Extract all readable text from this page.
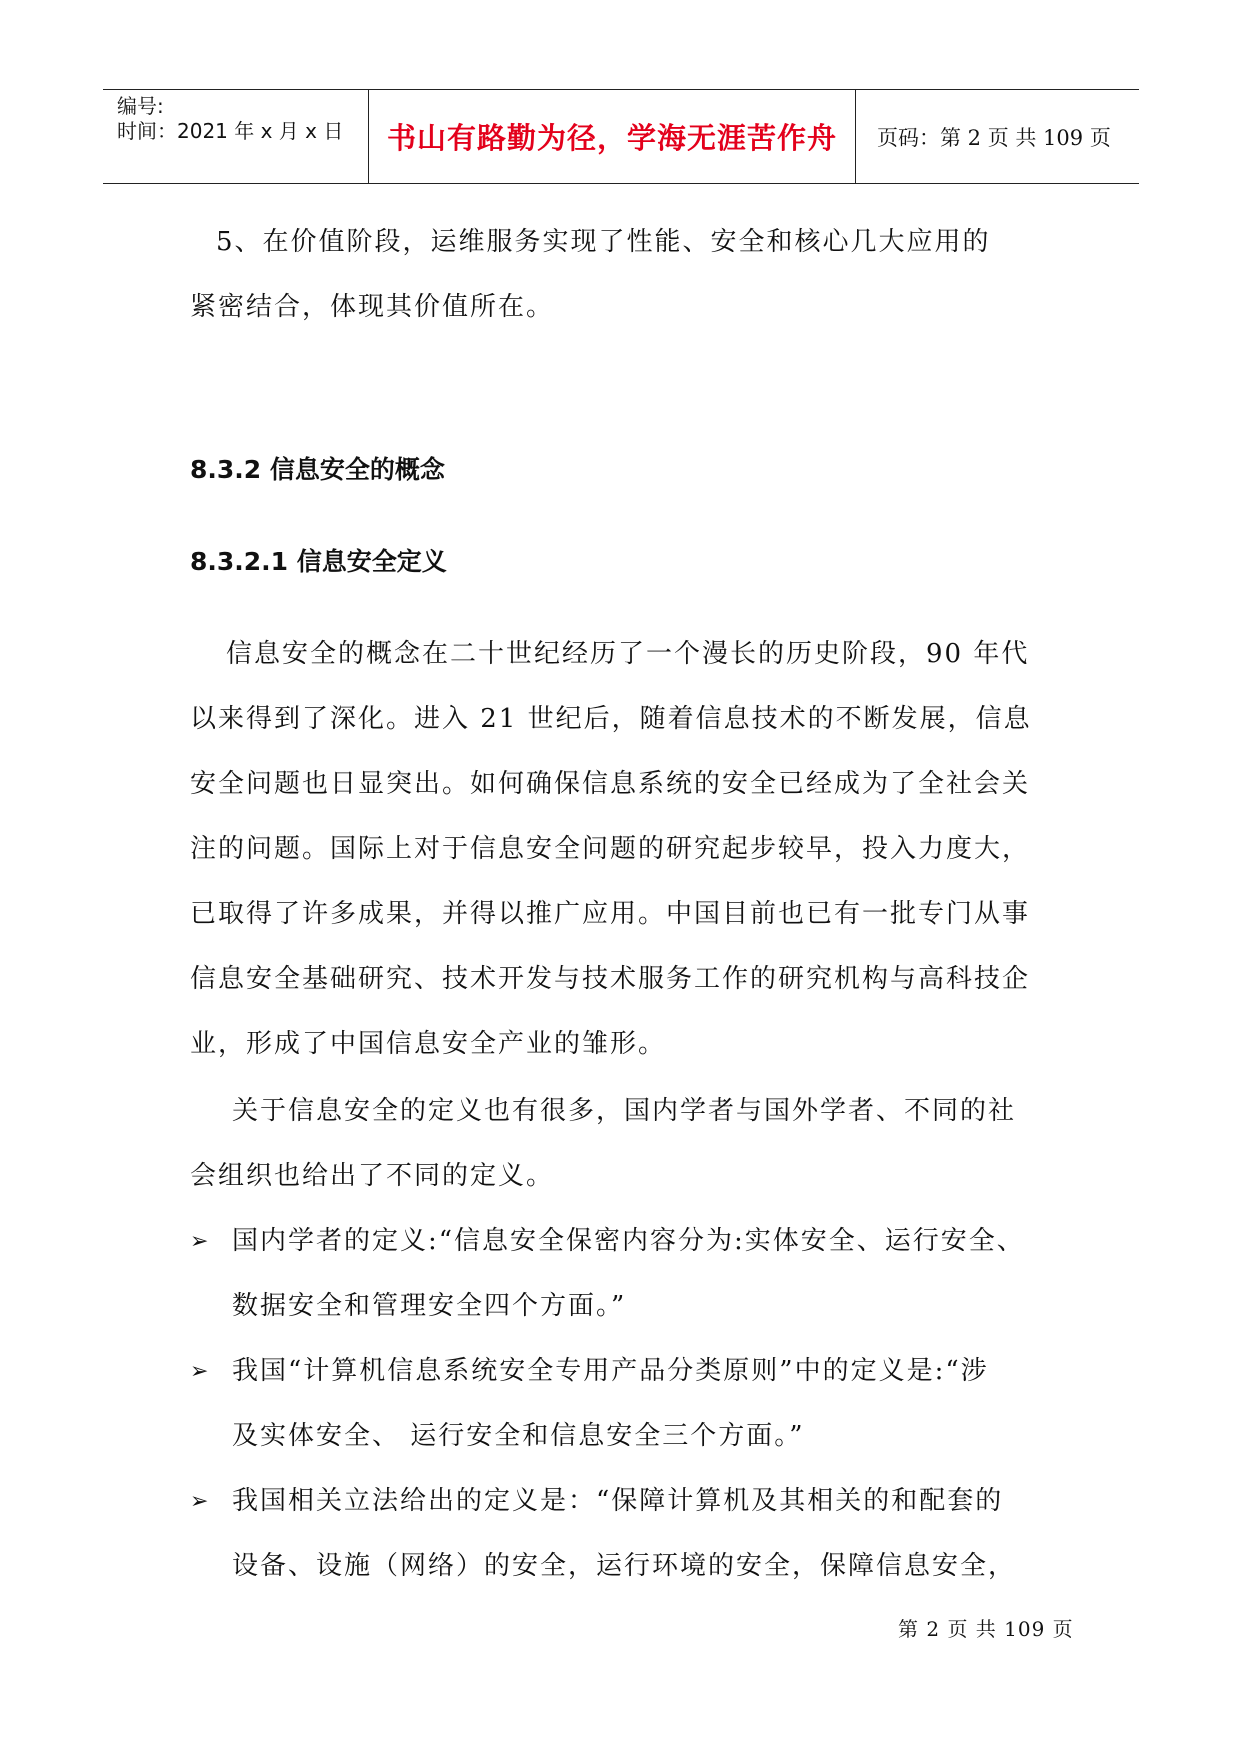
编号:
时间：2021 年 x 月 x 日	书山有路勤为径，学海无涯苦作舟	页码：第 2 页 共 109 页
5、在价值阶段，运维服务实现了性能、安全和核心几大应用的
紧密结合，体现其价值所在。
8.3.2 信息安全的概念
8.3.2.1 信息安全定义
信息安全的概念在二十世纪经历了一个漫长的历史阶段，90 年代
以来得到了深化。进入 21 世纪后，随着信息技术的不断发展，信息
安全问题也日显突出。如何确保信息系统的安全已经成为了全社会关
注的问题。国际上对于信息安全问题的研究起步较早，投入力度大，
已取得了许多成果，并得以推广应用。中国目前也已有一批专门从事
信息安全基础研究、技术开发与技术服务工作的研究机构与高科技企
业，形成了中国信息安全产业的雏形。
关于信息安全的定义也有很多，国内学者与国外学者、不同的社
会组织也给出了不同的定义。
➢ 国内学者的定义:“信息安全保密内容分为:实体安全、运行安全、
数据安全和管理安全四个方面。”
➢ 我国“计算机信息系统安全专用产品分类原则”中的定义是:“涉
及实体安全、 运行安全和信息安全三个方面。”
➢ 我国相关立法给出的定义是：“保障计算机及其相关的和配套的
设备、设施（网络）的安全，运行环境的安全，保障信息安全，
第 2 页 共 109 页
